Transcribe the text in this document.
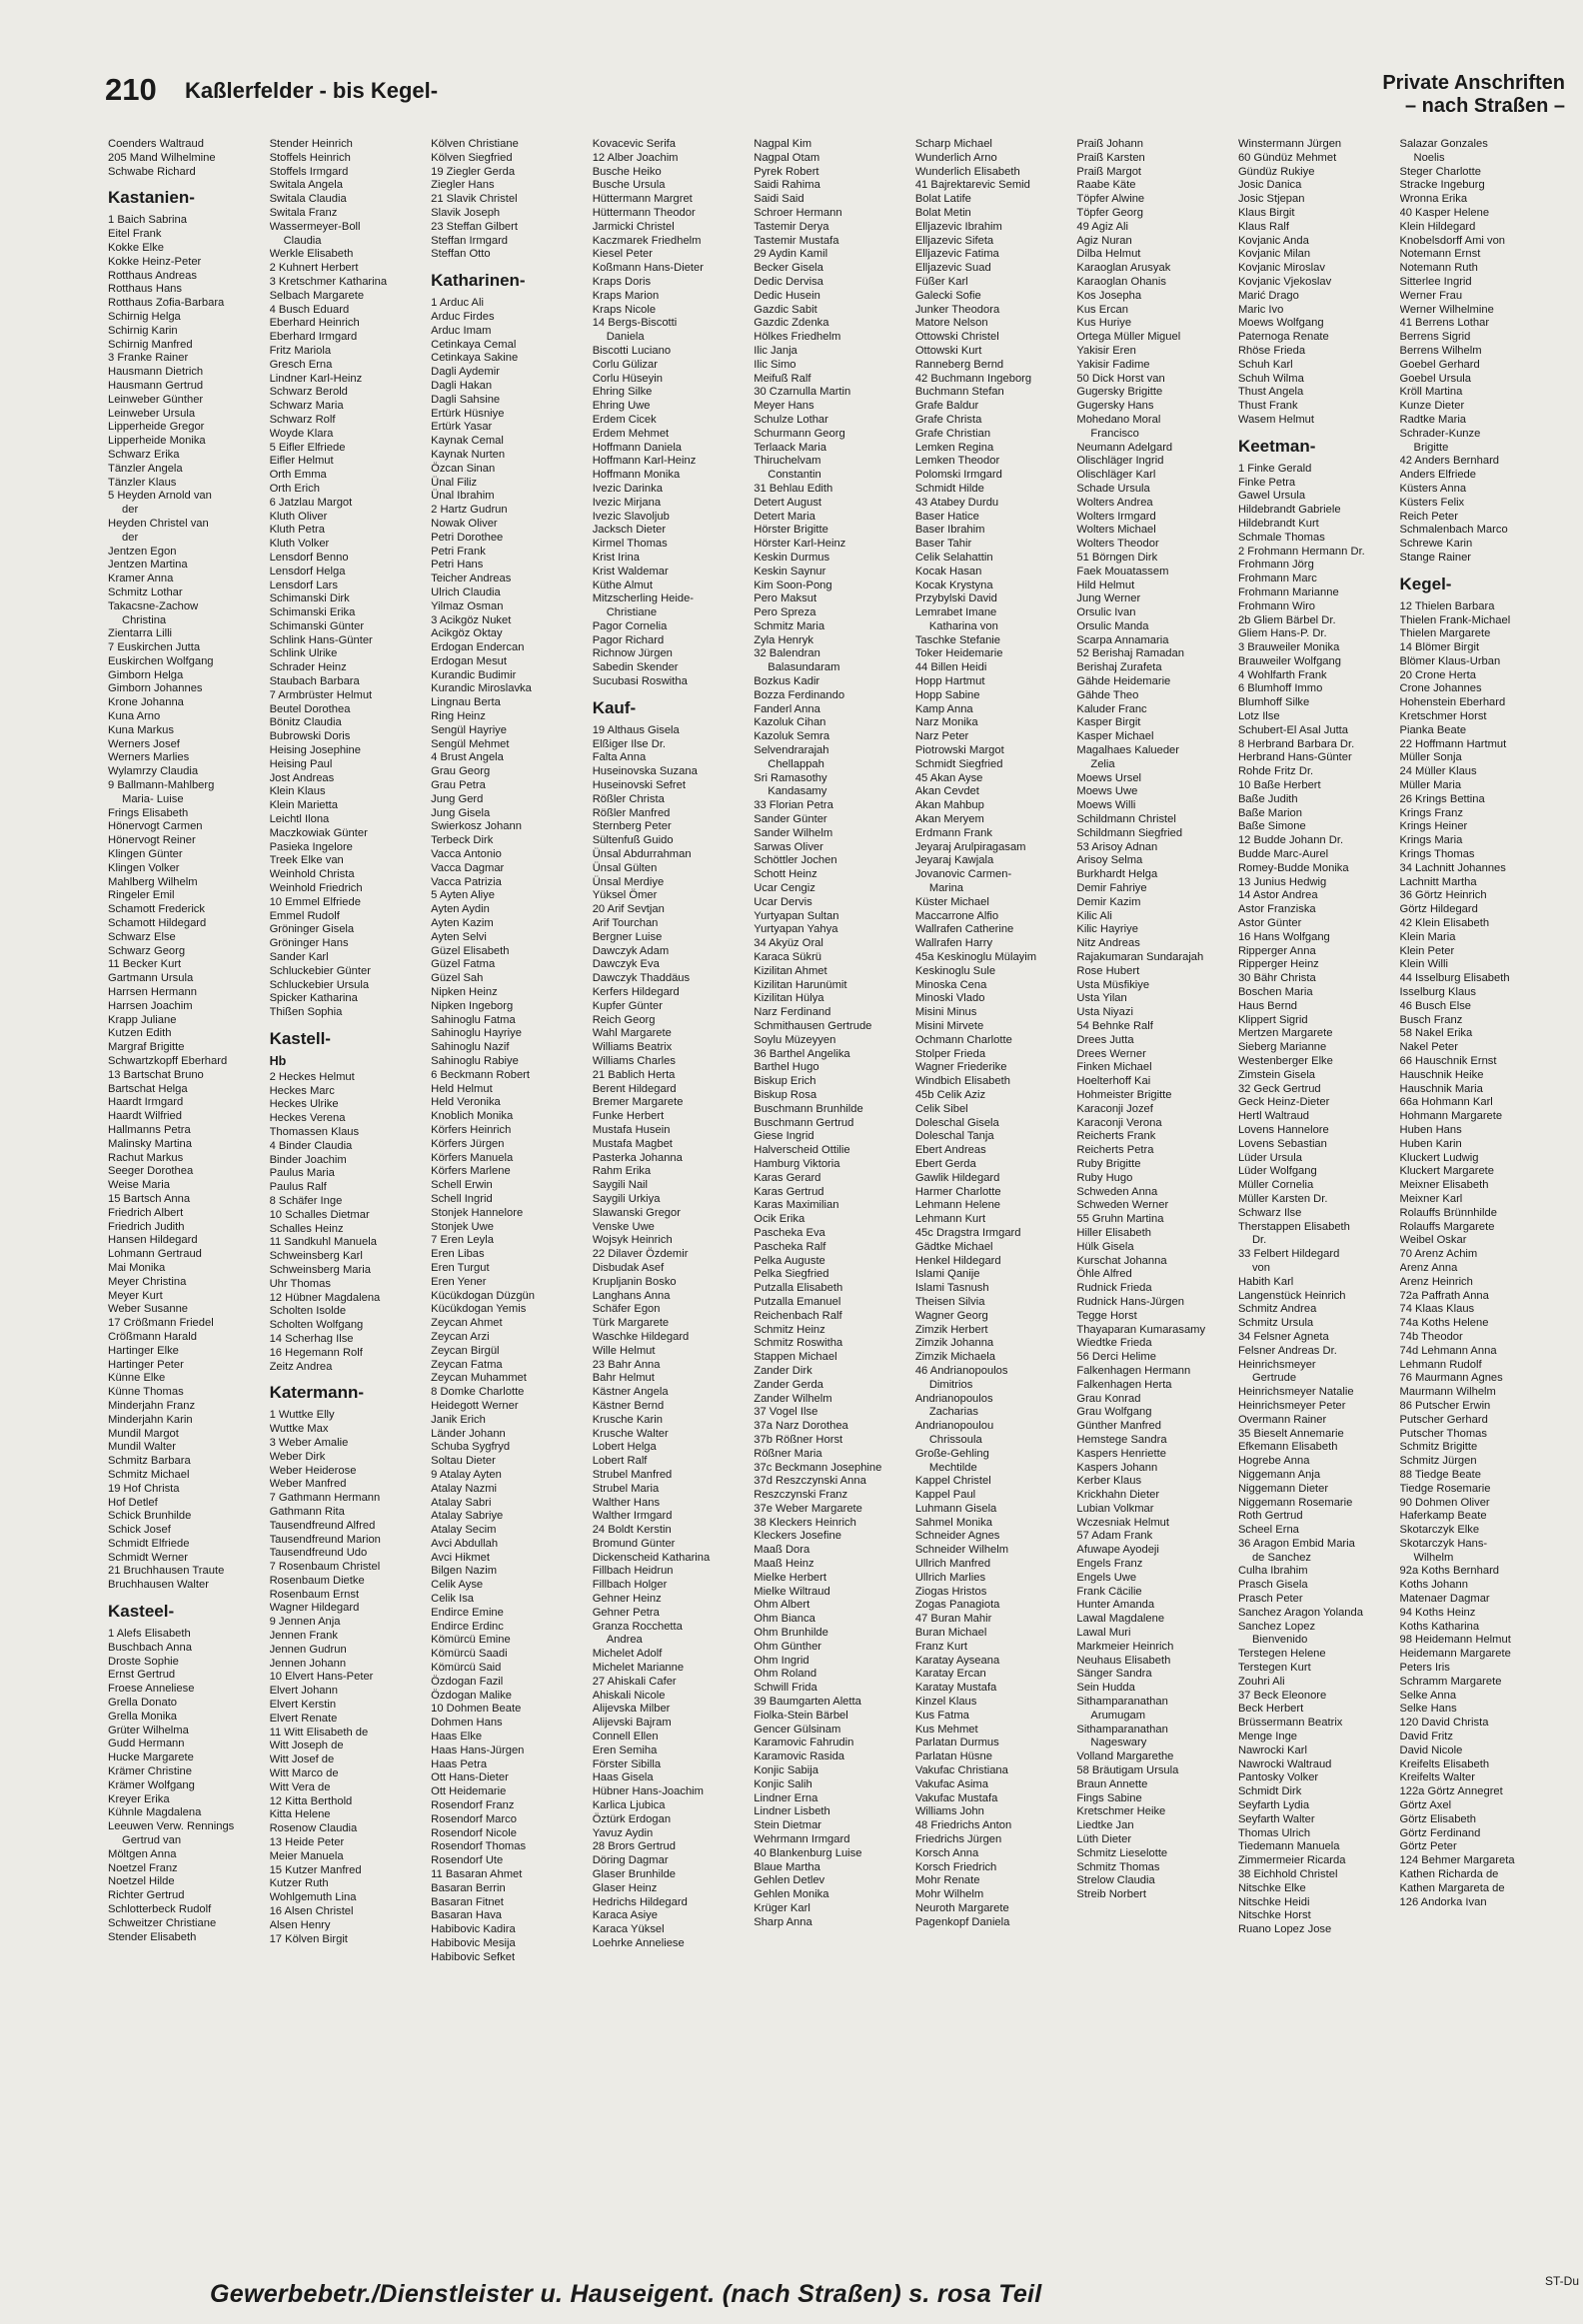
210 Kaßlerfelder - bis Kegel-	Private Anschriften
– nach Straßen –
Coenders Waltraud
205 Mand Wilhelmine
Schwabe Richard
Kastanien-
1 Baich Sabrina
Eitel Frank
Kokke Elke
Kokke Heinz-Peter
Rotthaus Andreas
Rotthaus Hans
Rotthaus Zofia-Barbara
Schirnig Helga
Schirnig Karin
Schirnig Manfred
3 Franke Rainer
Hausmann Dietrich
Hausmann Gertrud
Leinweber Günther
Leinweber Ursula
Lipperheide Gregor
Lipperheide Monika
Schwarz Erika
Tänzler Angela
Tänzler Klaus
5 Heyden Arnold van
der
Heyden Christel van
der
Jentzen Egon
Jentzen Martina
Kramer Anna
Schmitz Lothar
Takacsne-Zachow
Christina
Zientarra Lilli
7 Euskirchen Jutta
Euskirchen Wolfgang
Gimborn Helga
Gimborn Johannes
Krone Johanna
Kuna Arno
Kuna Markus
Werners Josef
Werners Marlies
Wylamrzy Claudia
9 Ballmann-Mahlberg
Maria- Luise
Frings Elisabeth
Hönervogt Carmen
Hönervogt Reiner
Klingen Günter
Klingen Volker
Mahlberg Wilhelm
Ringeler Emil
Schamott Frederick
Schamott Hildegard
Schwarz Else
Schwarz Georg
11 Becker Kurt
Gartmann Ursula
Harrsen Hermann
Harrsen Joachim
Krapp Juliane
Kutzen Edith
Margraf Brigitte
Schwartzkopff Eberhard
13 Bartschat Bruno
Bartschat Helga
Haardt Irmgard
Haardt Wilfried
Hallmanns Petra
Malinsky Martina
Rachut Markus
Seeger Dorothea
Weise Maria
15 Bartsch Anna
Friedrich Albert
Friedrich Judith
Hansen Hildegard
Lohmann Gertraud
Mai Monika
Meyer Christina
Meyer Kurt
Weber Susanne
17 Crößmann Friedel
Crößmann Harald
Hartinger Elke
Hartinger Peter
Künne Elke
Künne Thomas
Minderjahn Franz
Minderjahn Karin
Mundil Margot
Mundil Walter
Schmitz Barbara
Schmitz Michael
19 Hof Christa
Hof Detlef
Schick Brunhilde
Schick Josef
Schmidt Elfriede
Schmidt Werner
21 Bruchhausen Traute
Bruchhausen Walter
Kasteel-
1 Alefs Elisabeth
Buschbach Anna
Droste Sophie
Ernst Gertrud
Froese Anneliese
Grella Donato
Grella Monika
Grüter Wilhelma
Gudd Hermann
Hucke Margarete
Krämer Christine
Krämer Wolfgang
Kreyer Erika
Kühnle Magdalena
Leeuwen Verw. Rennings
Gertrud van
Möltgen Anna
Noetzel Franz
Noetzel Hilde
Richter Gertrud
Schlotterbeck Rudolf
Schweitzer Christiane
Stender Elisabeth
Stender Heinrich
Stoffels Heinrich
Stoffels Irmgard
Switala Angela
Switala Claudia
Switala Franz
Wassermeyer-Boll
Claudia
Werkle Elisabeth
2 Kuhnert Herbert
3 Kretschmer Katharina
Selbach Margarete
4 Busch Eduard
Eberhard Heinrich
Eberhard Irmgard
Fritz Mariola
Gresch Erna
Lindner Karl-Heinz
Schwarz Berold
Schwarz Maria
Schwarz Rolf
Woyde Klara
5 Eifler Elfriede
Eifler Helmut
Orth Emma
Orth Erich
6 Jatzlau Margot
Kluth Oliver
Kluth Petra
Kluth Volker
Lensdorf Benno
Lensdorf Helga
Lensdorf Lars
Schimanski Dirk
Schimanski Erika
Schimanski Günter
Schlink Hans-Günter
Schlink Ulrike
Schrader Heinz
Staubach Barbara
7 Armbrüster Helmut
Beutel Dorothea
Bönitz Claudia
Bubrowski Doris
Heising Josephine
Heising Paul
Jost Andreas
Klein Klaus
Klein Marietta
Leichtl Ilona
Maczkowiak Günter
Pasieka Ingelore
Treek Elke van
Weinhold Christa
Weinhold Friedrich
10 Emmel Elfriede
Emmel Rudolf
Gröninger Gisela
Gröninger Hans
Sander Karl
Schluckebier Günter
Schluckebier Ursula
Spicker Katharina
Thißen Sophia
Kastell-
Hb
2 Heckes Helmut
Heckes Marc
Heckes Ulrike
Heckes Verena
Thomassen Klaus
4 Binder Claudia
Binder Joachim
Paulus Maria
Paulus Ralf
8 Schäfer Inge
10 Schalles Dietmar
Schalles Heinz
11 Sandkuhl Manuela
Schweinsberg Karl
Schweinsberg Maria
Uhr Thomas
12 Hübner Magdalena
Scholten Isolde
Scholten Wolfgang
14 Scherhag Ilse
16 Hegemann Rolf
Zeitz Andrea
Katermann-
1 Wuttke Elly
Wuttke Max
3 Weber Amalie
Weber Dirk
Weber Heiderose
Weber Manfred
7 Gathmann Hermann
Gathmann Rita
Tausendfreund Alfred
Tausendfreund Marion
Tausendfreund Udo
7 Rosenbaum Christel
Rosenbaum Dietke
Rosenbaum Ernst
Wagner Hildegard
9 Jennen Anja
Jennen Frank
Jennen Gudrun
Jennen Johann
10 Elvert Hans-Peter
Elvert Johann
Elvert Kerstin
Elvert Renate
11 Witt Elisabeth de
Witt Joseph de
Witt Josef de
Witt Marco de
Witt Vera de
12 Kitta Berthold
Kitta Helene
Rosenow Claudia
13 Heide Peter
Meier Manuela
15 Kutzer Manfred
Kutzer Ruth
Wohlgemuth Lina
16 Alsen Christel
Alsen Henry
17 Kölven Birgit
Kölven Christiane
Kölven Siegfried
19 Ziegler Gerda
Ziegler Hans
21 Slavik Christel
Slavik Joseph
23 Steffan Gilbert
Steffan Irmgard
Steffan Otto
Katharinen-
1 Arduc Ali
Arduc Firdes
Arduc Imam
Cetinkaya Cemal
Cetinkaya Sakine
Dagli Aydemir
Dagli Hakan
Dagli Sahsine
Ertürk Hüsniye
Ertürk Yasar
Kaynak Cemal
Kaynak Nurten
Özcan Sinan
Ünal Filiz
Ünal Ibrahim
2 Hartz Gudrun
Nowak Oliver
Petri Dorothee
Petri Frank
Petri Hans
Teicher Andreas
Ulrich Claudia
Yilmaz Osman
3 Acikgöz Nuket
Acikgöz Oktay
Erdogan Endercan
Erdogan Mesut
Kurandic Budimir
Kurandic Miroslavka
Lingnau Berta
Ring Heinz
Sengül Hayriye
Sengül Mehmet
4 Brust Angela
Grau Georg
Grau Petra
Jung Gerd
Jung Gisela
Swierkosz Johann
Terbeck Dirk
Vacca Antonio
Vacca Dagmar
Vacca Patrizia
5 Ayten Aliye
Ayten Aydin
Ayten Kazim
Ayten Selvi
Güzel Elisabeth
Güzel Fatma
Güzel Sah
Nipken Heinz
Nipken Ingeborg
Sahinoglu Fatma
Sahinoglu Hayriye
Sahinoglu Nazif
Sahinoglu Rabiye
6 Beckmann Robert
Held Helmut
Held Veronika
Knoblich Monika
Körfers Heinrich
Körfers Jürgen
Körfers Manuela
Körfers Marlene
Schell Erwin
Schell Ingrid
Stonjek Hannelore
Stonjek Uwe
7 Eren Leyla
Eren Libas
Eren Turgut
Eren Yener
Kücükdogan Düzgün
Kücükdogan Yemis
Zeycan Ahmet
Zeycan Arzi
Zeycan Birgül
Zeycan Fatma
Zeycan Muhammet
8 Domke Charlotte
Heidegott Werner
Janik Erich
Länder Johann
Schuba Sygfryd
Soltau Dieter
9 Atalay Ayten
Atalay Nazmi
Atalay Sabri
Atalay Sabriye
Atalay Secim
Avci Abdullah
Avci Hikmet
Bilgen Nazim
Celik Ayse
Celik Isa
Endirce Emine
Endirce Erdinc
Kömürcü Emine
Kömürcü Saadi
Kömürcü Said
Özdogan Fazil
Özdogan Malike
10 Dohmen Beate
Dohmen Hans
Haas Elke
Haas Hans-Jürgen
Haas Petra
Ott Hans-Dieter
Ott Heidemarie
Rosendorf Franz
Rosendorf Marco
Rosendorf Nicole
Rosendorf Thomas
Rosendorf Ute
11 Basaran Ahmet
Basaran Berrin
Basaran Fitnet
Basaran Hava
Habibovic Kadira
Habibovic Mesija
Habibovic Sefket
Kovacevic Serifa
12 Alber Joachim
Busche Heiko
Busche Ursula
Hüttermann Margret
Hüttermann Theodor
Jarmicki Christel
Kaczmarek Friedhelm
Kiesel Peter
Koßmann Hans-Dieter
Kraps Doris
Kraps Marion
Kraps Nicole
14 Bergs-Biscotti
Daniela
Biscotti Luciano
Corlu Gülizar
Corlu Hüseyin
Ehring Silke
Ehring Uwe
Erdem Cicek
Erdem Mehmet
Hoffmann Daniela
Hoffmann Karl-Heinz
Hoffmann Monika
Ivezic Darinka
Ivezic Mirjana
Ivezic Slavoljub
Jacksch Dieter
Kirmel Thomas
Krist Irina
Krist Waldemar
Küthe Almut
Mitzscherling Heide-
Christiane
Pagor Cornelia
Pagor Richard
Richnow Jürgen
Sabedin Skender
Sucubasi Roswitha
Kauf-
19 Althaus Gisela
Elßiger Ilse Dr.
Falta Anna
Huseinovska Suzana
Huseinovski Sefret
Rößler Christa
Rößler Manfred
Sternberg Peter
Sültenfuß Guido
Ünsal Abdurrahman
Ünsal Gülten
Ünsal Merdiye
Yüksel Ömer
20 Arif Sevtjan
Arif Tourchan
Bergner Luise
Dawczyk Adam
Dawczyk Eva
Dawczyk Thaddäus
Kerfers Hildegard
Kupfer Günter
Reich Georg
Wahl Margarete
Williams Beatrix
Williams Charles
21 Bablich Herta
Berent Hildegard
Bremer Margarete
Funke Herbert
Mustafa Husein
Mustafa Magbet
Pasterka Johanna
Rahm Erika
Saygili Nail
Saygili Urkiya
Slawanski Gregor
Venske Uwe
Wojsyk Heinrich
22 Dilaver Özdemir
Disbudak Asef
Krupljanin Bosko
Langhans Anna
Schäfer Egon
Türk Margarete
Waschke Hildegard
Wille Helmut
23 Bahr Anna
Bahr Helmut
Kästner Angela
Kästner Bernd
Krusche Karin
Krusche Walter
Lobert Helga
Lobert Ralf
Strubel Manfred
Strubel Maria
Walther Hans
Walther Irmgard
24 Boldt Kerstin
Bromund Günter
Dickenscheid Katharina
Fillbach Heidrun
Fillbach Holger
Gehner Heinz
Gehner Petra
Granza Rocchetta
Andrea
Michelet Adolf
Michelet Marianne
27 Ahiskali Cafer
Ahiskali Nicole
Alijevska Milber
Alijevski Bajram
Connell Ellen
Eren Semiha
Förster Sibilla
Haas Gisela
Hübner Hans-Joachim
Karlica Ljubica
Öztürk Erdogan
Yavuz Aydin
28 Brors Gertrud
Döring Dagmar
Glaser Brunhilde
Glaser Heinz
Hedrichs Hildegard
Karaca Asiye
Karaca Yüksel
Loehrke Anneliese
Nagpal Kim
Nagpal Otam
Pyrek Robert
Saidi Rahima
Saidi Said
Schroer Hermann
Tastemir Derya
Tastemir Mustafa
29 Aydin Kamil
Becker Gisela
Dedic Dervisa
Dedic Husein
Gazdic Sabit
Gazdic Zdenka
Hölkes Friedhelm
Ilic Janja
Ilic Simo
Meifuß Ralf
30 Czarnulla Martin
Meyer Hans
Schulze Lothar
Schurmann Georg
Terlaack Maria
Thiruchelvam
Constantin
31 Behlau Edith
Detert August
Detert Maria
Hörster Brigitte
Hörster Karl-Heinz
Keskin Durmus
Keskin Saynur
Kim Soon-Pong
Pero Maksut
Pero Spreza
Schmitz Maria
Zyla Henryk
32 Balendran
Balasundaram
Bozkus Kadir
Bozza Ferdinando
Fanderl Anna
Kazoluk Cihan
Kazoluk Semra
Selvendrarajah
Chellappah
Sri Ramasothy
Kandasamy
33 Florian Petra
Sander Günter
Sander Wilhelm
Sarwas Oliver
Schöttler Jochen
Schott Heinz
Ucar Cengiz
Ucar Dervis
Yurtyapan Sultan
Yurtyapan Yahya
34 Akyüz Oral
Karaca Sükrü
Kizilitan Ahmet
Kizilitan Harunümit
Kizilitan Hülya
Narz Ferdinand
Schmithausen Gertrude
Soylu Müzeyyen
36 Barthel Angelika
Barthel Hugo
Biskup Erich
Biskup Rosa
Buschmann Brunhilde
Buschmann Gertrud
Giese Ingrid
Halverscheid Ottilie
Hamburg Viktoria
Karas Gerard
Karas Gertrud
Karas Maximilian
Ocik Erika
Pascheka Eva
Pascheka Ralf
Pelka Auguste
Pelka Siegfried
Putzalla Elisabeth
Putzalla Emanuel
Reichenbach Ralf
Schmitz Heinz
Schmitz Roswitha
Stappen Michael
Zander Dirk
Zander Gerda
Zander Wilhelm
37 Vogel Ilse
37a Narz Dorothea
37b Rößner Horst
Rößner Maria
37c Beckmann Josephine
37d Reszczynski Anna
Reszczynski Franz
37e Weber Margarete
38 Kleckers Heinrich
Kleckers Josefine
Maaß Dora
Maaß Heinz
Mielke Herbert
Mielke Wiltraud
Ohm Albert
Ohm Bianca
Ohm Brunhilde
Ohm Günther
Ohm Ingrid
Ohm Roland
Schwill Frida
39 Baumgarten Aletta
Fiolka-Stein Bärbel
Gencer Gülsinam
Karamovic Fahrudin
Karamovic Rasida
Konjic Sabija
Konjic Salih
Lindner Erna
Lindner Lisbeth
Stein Dietmar
Wehrmann Irmgard
40 Blankenburg Luise
Blaue Martha
Gehlen Detlev
Gehlen Monika
Krüger Karl
Sharp Anna
Scharp Michael
Wunderlich Arno
Wunderlich Elisabeth
41 Bajrektarevic Semid
Bolat Latife
Bolat Metin
Elljazevic Ibrahim
Elljazevic Sifeta
Elljazevic Fatima
Elljazevic Suad
Füßer Karl
Galecki Sofie
Junker Theodora
Matore Nelson
Ottowski Christel
Ottowski Kurt
Ranneberg Bernd
42 Buchmann Ingeborg
Buchmann Stefan
Grafe Baldur
Grafe Christa
Grafe Christian
Lemken Regina
Lemken Theodor
Polomski Irmgard
Schmidt Hilde
43 Atabey Durdu
Baser Hatice
Baser Ibrahim
Baser Tahir
Celik Selahattin
Kocak Hasan
Kocak Krystyna
Przybylski David
Lemrabet Imane
Katharina von
Taschke Stefanie
Toker Heidemarie
44 Billen Heidi
Hopp Hartmut
Hopp Sabine
Kamp Anna
Narz Monika
Narz Peter
Piotrowski Margot
Schmidt Siegfried
45 Akan Ayse
Akan Cevdet
Akan Mahbup
Akan Meryem
Erdmann Frank
Jeyaraj Arulpiragasam
Jeyaraj Kawjala
Jovanovic Carmen-
Marina
Küster Michael
Maccarrone Alfio
Wallrafen Catherine
Wallrafen Harry
45a Keskinoglu Mülayim
Keskinoglu Sule
Minoska Cena
Minoski Vlado
Misini Minus
Misini Mirvete
Ochmann Charlotte
Stolper Frieda
Wagner Friederike
Windbich Elisabeth
45b Celik Aziz
Celik Sibel
Doleschal Gisela
Doleschal Tanja
Ebert Andreas
Ebert Gerda
Gawlik Hildegard
Harmer Charlotte
Lehmann Helene
Lehmann Kurt
45c Dragstra Irmgard
Gädtke Michael
Henkel Hildegard
Islami Qanije
Islami Tasnush
Theisen Silvia
Wagner Georg
Zimzik Herbert
Zimzik Johanna
Zimzik Michaela
46 Andrianopoulos
Dimitrios
Andrianopoulos
Zacharias
Andrianopoulou
Chrissoula
Große-Gehling
Mechtilde
Kappel Christel
Kappel Paul
Luhmann Gisela
Sahmel Monika
Schneider Agnes
Schneider Wilhelm
Ullrich Manfred
Ullrich Marlies
Ziogas Hristos
Zogas Panagiota
47 Buran Mahir
Buran Michael
Franz Kurt
Karatay Ayseana
Karatay Ercan
Karatay Mustafa
Kinzel Klaus
Kus Fatma
Kus Mehmet
Parlatan Durmus
Parlatan Hüsne
Vakufac Christiana
Vakufac Asima
Vakufac Mustafa
Williams John
48 Friedrichs Anton
Friedrichs Jürgen
Korsch Anna
Korsch Friedrich
Mohr Renate
Mohr Wilhelm
Neuroth Margarete
Pagenkopf Daniela
Praiß Johann
Praiß Karsten
Praiß Margot
Raabe Käte
Töpfer Alwine
Töpfer Georg
49 Agiz Ali
Agiz Nuran
Dilba Helmut
Karaoglan Arusyak
Karaoglan Ohanis
Kos Josepha
Kus Ercan
Kus Huriye
Ortega Müller Miguel
Yakisir Eren
Yakisir Fadime
50 Dick Horst van
Gugersky Brigitte
Gugersky Hans
Mohedano Moral
Francisco
Neumann Adelgard
Olischläger Ingrid
Olischläger Karl
Schade Ursula
Wolters Andrea
Wolters Irmgard
Wolters Michael
Wolters Theodor
51 Börngen Dirk
Faek Mouatassem
Hild Helmut
Jung Werner
Orsulic Ivan
Orsulic Manda
Scarpa Annamaria
52 Berishaj Ramadan
Berishaj Zurafeta
Gähde Heidemarie
Gähde Theo
Kaluder Franc
Kasper Birgit
Kasper Michael
Magalhaes Kalueder
Zelia
Moews Ursel
Moews Uwe
Moews Willi
Schildmann Christel
Schildmann Siegfried
53 Arisoy Adnan
Arisoy Selma
Burkhardt Helga
Demir Fahriye
Demir Kazim
Kilic Ali
Kilic Hayriye
Nitz Andreas
Rajakumaran Sundarajah
Rose Hubert
Usta Müsfikiye
Usta Yilan
Usta Niyazi
54 Behnke Ralf
Drees Jutta
Drees Werner
Finken Michael
Hoelterhoff Kai
Hohmeister Brigitte
Karaconji Jozef
Karaconji Verona
Reicherts Frank
Reicherts Petra
Ruby Brigitte
Ruby Hugo
Schweden Anna
Schweden Werner
55 Gruhn Martina
Hiller Elisabeth
Hülk Gisela
Kurschat Johanna
Öhle Alfred
Rudnick Frieda
Rudnick Hans-Jürgen
Tegge Horst
Thayaparan Kumarasamy
Wiedtke Frieda
56 Derci Helime
Falkenhagen Hermann
Falkenhagen Herta
Grau Konrad
Grau Wolfgang
Günther Manfred
Hemstege Sandra
Kaspers Henriette
Kaspers Johann
Kerber Klaus
Krickhahn Dieter
Lubian Volkmar
Wczesniak Helmut
57 Adam Frank
Afuwape Ayodeji
Engels Franz
Engels Uwe
Frank Cäcilie
Hunter Amanda
Lawal Magdalene
Lawal Muri
Markmeier Heinrich
Neuhaus Elisabeth
Sänger Sandra
Sein Hudda
Sithamparanathan
Arumugam
Sithamparanathan
Nageswary
Volland Margarethe
58 Bräutigam Ursula
Braun Annette
Fings Sabine
Kretschmer Heike
Liedtke Jan
Lüth Dieter
Schmitz Lieselotte
Schmitz Thomas
Strelow Claudia
Streib Norbert
Winstermann Jürgen
60 Gündüz Mehmet
Gündüz Rukiye
Josic Danica
Josic Stjepan
Klaus Birgit
Klaus Ralf
Kovjanic Anda
Kovjanic Milan
Kovjanic Miroslav
Kovjanic Vjekoslav
Marić Drago
Maric Ivo
Moews Wolfgang
Paternoga Renate
Rhöse Frieda
Schuh Karl
Schuh Wilma
Thust Angela
Thust Frank
Wasem Helmut
Keetman-
1 Finke Gerald
Finke Petra
Gawel Ursula
Hildebrandt Gabriele
Hildebrandt Kurt
Schmale Thomas
2 Frohmann Hermann Dr.
Frohmann Jörg
Frohmann Marc
Frohmann Marianne
Frohmann Wiro
2b Gliem Bärbel Dr.
Gliem Hans-P. Dr.
3 Brauweiler Monika
Brauweiler Wolfgang
4 Wohlfarth Frank
6 Blumhoff Immo
Blumhoff Silke
Lotz Ilse
Schubert-El Asal Jutta
8 Herbrand Barbara Dr.
Herbrand Hans-Günter
Rohde Fritz Dr.
10 Baße Herbert
Baße Judith
Baße Marion
Baße Simone
12 Budde Johann Dr.
Budde Marc-Aurel
Romey-Budde Monika
13 Junius Hedwig
14 Astor Andrea
Astor Franziska
Astor Günter
16 Hans Wolfgang
Ripperger Anna
Ripperger Heinz
30 Bähr Christa
Boschen Maria
Haus Bernd
Klippert Sigrid
Mertzen Margarete
Sieberg Marianne
Westenberger Elke
Zimstein Gisela
32 Geck Gertrud
Geck Heinz-Dieter
Hertl Waltraud
Lovens Hannelore
Lovens Sebastian
Lüder Ursula
Lüder Wolfgang
Müller Cornelia
Müller Karsten Dr.
Schwarz Ilse
Therstappen Elisabeth
Dr.
33 Felbert Hildegard
von
Habith Karl
Langenstück Heinrich
Schmitz Andrea
Schmitz Ursula
34 Felsner Agneta
Felsner Andreas Dr.
Heinrichsmeyer
Gertrude
Heinrichsmeyer Natalie
Heinrichsmeyer Peter
Overmann Rainer
35 Bieselt Annemarie
Efkemann Elisabeth
Hogrebe Anna
Niggemann Anja
Niggemann Dieter
Niggemann Rosemarie
Roth Gertrud
Scheel Erna
36 Aragon Embid Maria
de Sanchez
Culha Ibrahim
Prasch Gisela
Prasch Peter
Sanchez Aragon Yolanda
Sanchez Lopez
Bienvenido
Terstegen Helene
Terstegen Kurt
Zouhri Ali
37 Beck Eleonore
Beck Herbert
Brüssermann Beatrix
Menge Inge
Nawrocki Karl
Nawrocki Waltraud
Pantosky Volker
Schmidt Dirk
Seyfarth Lydia
Seyfarth Walter
Thomas Ulrich
Tiedemann Manuela
Zimmermeier Ricarda
38 Eichhold Christel
Nitschke Elke
Nitschke Heidi
Nitschke Horst
Ruano Lopez Jose
Salazar Gonzales
Noelis
Steger Charlotte
Stracke Ingeburg
Wronna Erika
40 Kasper Helene
Klein Hildegard
Knobelsdorff Ami von
Notemann Ernst
Notemann Ruth
Sitterlee Ingrid
Werner Frau
Werner Wilhelmine
41 Berrens Lothar
Berrens Sigrid
Berrens Wilhelm
Goebel Gerhard
Goebel Ursula
Kröll Martina
Kunze Dieter
Radtke Maria
Schrader-Kunze
Brigitte
42 Anders Bernhard
Anders Elfriede
Küsters Anna
Küsters Felix
Reich Peter
Schmalenbach Marco
Schrewe Karin
Stange Rainer
Kegel-
12 Thielen Barbara
Thielen Frank-Michael
Thielen Margarete
14 Blömer Birgit
Blömer Klaus-Urban
20 Crone Herta
Crone Johannes
Hohenstein Eberhard
Kretschmer Horst
Pianka Beate
22 Hoffmann Hartmut
Müller Sonja
24 Müller Klaus
Müller Maria
26 Krings Bettina
Krings Franz
Krings Heiner
Krings Maria
Krings Thomas
34 Lachnitt Johannes
Lachnitt Martha
36 Görtz Heinrich
Görtz Hildegard
42 Klein Elisabeth
Klein Maria
Klein Peter
Klein Willi
44 Isselburg Elisabeth
Isselburg Klaus
46 Busch Else
Busch Franz
58 Nakel Erika
Nakel Peter
66 Hauschnik Ernst
Hauschnik Heike
Hauschnik Maria
66a Hohmann Karl
Hohmann Margarete
Huben Hans
Huben Karin
Kluckert Ludwig
Kluckert Margarete
Meixner Elisabeth
Meixner Karl
Rolauffs Brünnhilde
Rolauffs Margarete
Weibel Oskar
70 Arenz Achim
Arenz Anna
Arenz Heinrich
72a Paffrath Anna
74 Klaas Klaus
74a Koths Helene
74b Theodor
74d Lehmann Anna
Lehmann Rudolf
76 Maurmann Agnes
Maurmann Wilhelm
86 Putscher Erwin
Putscher Gerhard
Putscher Thomas
Schmitz Brigitte
Schmitz Jürgen
88 Tiedge Beate
Tiedge Rosemarie
90 Dohmen Oliver
Haferkamp Beate
Skotarczyk Elke
Skotarczyk Hans-
Wilhelm
92a Koths Bernhard
Koths Johann
Matenaer Dagmar
94 Koths Heinz
Koths Katharina
98 Heidemann Helmut
Heidemann Margarete
Peters Iris
Schramm Margarete
Selke Anna
Selke Hans
120 David Christa
David Fritz
David Nicole
Kreifelts Elisabeth
Kreifelts Walter
122a Görtz Annegret
Görtz Axel
Görtz Elisabeth
Görtz Ferdinand
Görtz Peter
124 Behmer Margareta
Kathen Richarda de
Kathen Margareta de
126 Andorka Ivan
Gewerbebetr./Dienstleister u. Hauseigent. (nach Straßen) s. rosa Teil	ST-Du
